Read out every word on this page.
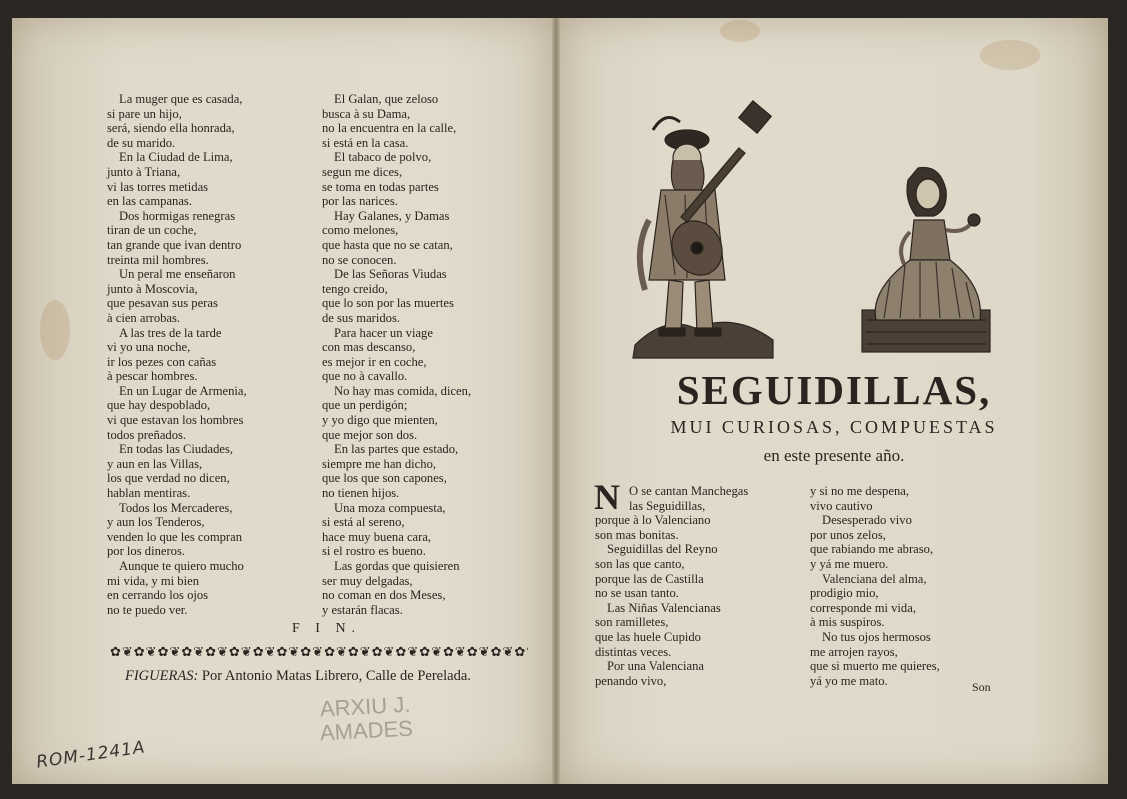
La muger que es casada,
si pare un hijo,
será, siendo ella honrada,
de su marido.
En la Ciudad de Lima,
junto à Triana,
vi las torres metidas
en las campanas.
Dos hormigas renegras
tiran de un coche,
tan grande que ivan dentro
treinta mil hombres.
Un peral me enseñaron
junto à Moscovia,
que pesavan sus peras
à cien arrobas.
A las tres de la tarde
vi yo una noche,
ir los pezes con cañas
à pescar hombres.
En un Lugar de Armenia,
que hay despoblado,
vi que estavan los hombres
todos preñados.
En todas las Ciudades,
y aun en las Villas,
los que verdad no dicen,
hablan mentiras.
Todos los Mercaderes,
y aun los Tenderos,
venden lo que les compran
por los dineros.
Aunque te quiero mucho
mi vida, y mi bien
en cerrando los ojos
no te puedo ver.
El Galan, que zeloso
busca à su Dama,
no la encuentra en la calle,
si está en la casa.
El tabaco de polvo,
segun me dices,
se toma en todas partes
por las narices.
Hay Galanes, y Damas
como melones,
que hasta que no se catan,
no se conocen.
De las Señoras Viudas
tengo creido,
que lo son por las muertes
de sus maridos.
Para hacer un viage
con mas descanso,
es mejor ir en coche,
que no à cavallo.
No hay mas comida, dicen,
que un perdigón;
y yo digo que mienten,
que mejor son dos.
En las partes que estado,
siempre me han dicho,
que los que son capones,
no tienen hijos.
Una moza compuesta,
si está al sereno,
hace muy buena cara,
si el rostro es bueno.
Las gordas que quisieren
ser muy delgadas,
no coman en dos Meses,
y estarán flacas.
F I N.
✿❦✿❦✿❦✿❦✿❦✿❦✿❦✿❦✿❦✿❦✿❦✿❦✿❦✿❦✿❦✿❦✿❦✿❦✿❦✿❦
FIGUERAS: Por Antonio Matas Librero, Calle de Perelada.
ARXIU J.
AMADES
ROM-1241A
SEGUIDILLAS,
MUI CURIOSAS, COMPUESTAS
en este presente año.
N O se cantan Manchegas
las Seguidillas,
porque à lo Valenciano
son mas bonitas.
Seguidillas del Reyno
son las que canto,
porque las de Castilla
no se usan tanto.
Las Niñas Valencianas
son ramilletes,
que las huele Cupido
distintas veces.
Por una Valenciana
penando vivo,
y si no me despena,
vivo cautivo
Desesperado vivo
por unos zelos,
que rabiando me abraso,
y yá me muero.
Valenciana del alma,
prodigio mio,
corresponde mi vida,
à mis suspiros.
No tus ojos hermosos
me arrojen rayos,
que si muerto me quieres,
yá yo me mato.	Son
